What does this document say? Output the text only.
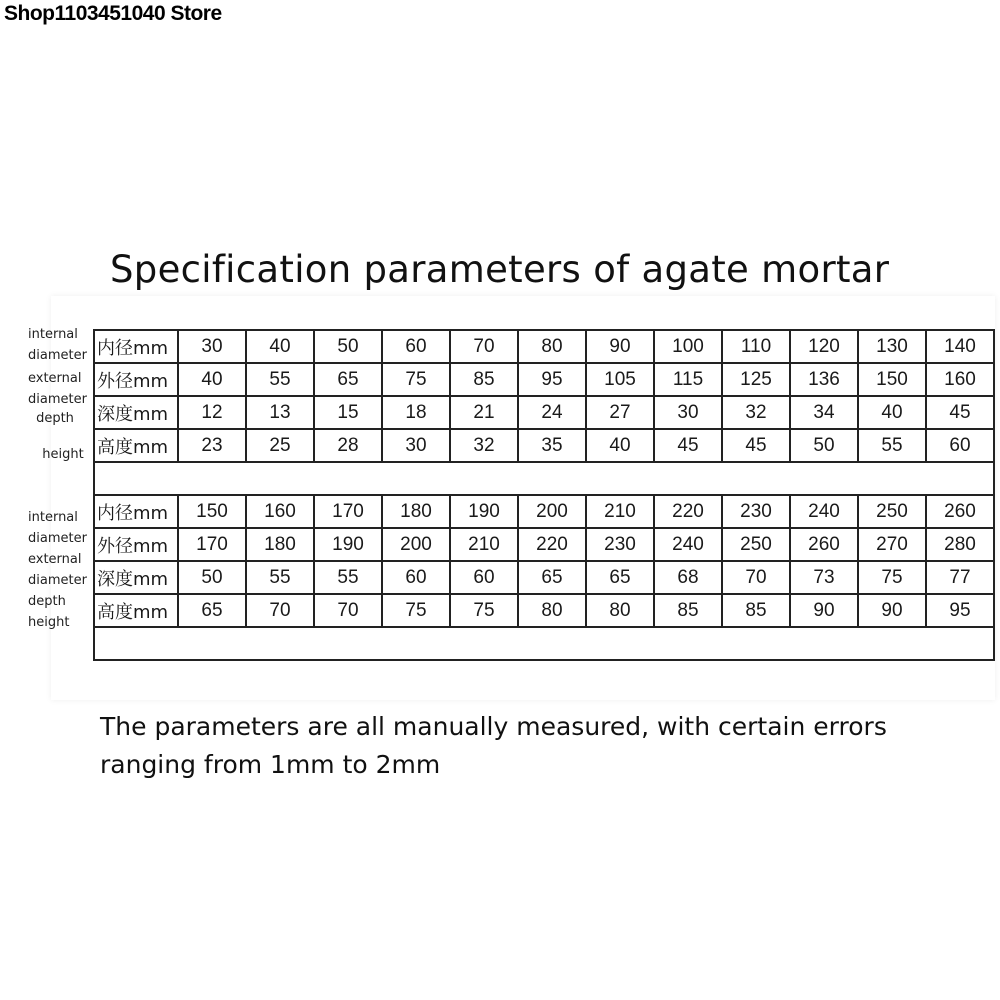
Shop1103451040 Store
Specification parameters of agate mortar
internal
diameter
external
diameter
depth
height
internal
diameter
external
diameter
depth
height
内径mm	30	40	50	60	70	80	90	100	110	120	130	140
外径mm	40	55	65	75	85	95	105	115	125	136	150	160
深度mm	12	13	15	18	21	24	27	30	32	34	40	45
高度mm	23	25	28	30	32	35	40	45	45	50	55	60

内径mm	150	160	170	180	190	200	210	220	230	240	250	260
外径mm	170	180	190	200	210	220	230	240	250	260	270	280
深度mm	50	55	55	60	60	65	65	68	70	73	75	77
高度mm	65	70	70	75	75	80	80	85	85	90	90	95

The parameters are all manually measured, with certain errors
ranging from 1mm to 2mm
